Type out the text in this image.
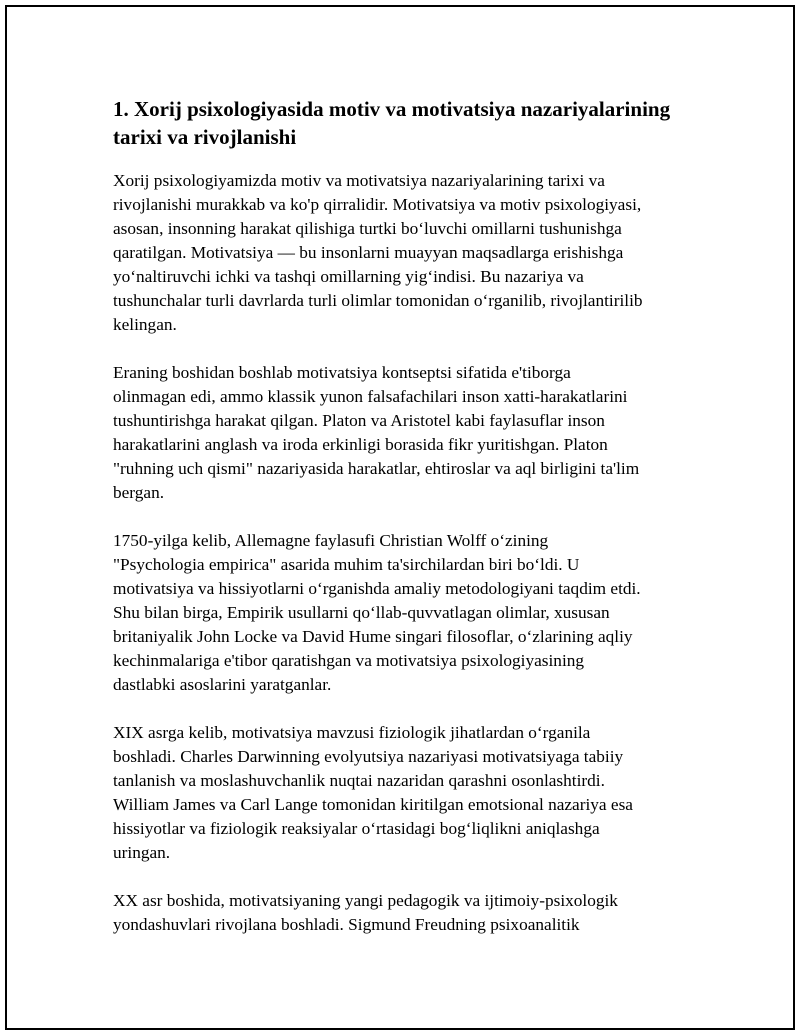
1. Xorij psixologiyasida motiv va motivatsiya nazariyalarining
tarixi va rivojlanishi

Xorij psixologiyamizda motiv va motivatsiya nazariyalarining tarixi va
rivojlanishi murakkab va ko'p qirralidir. Motivatsiya va motiv psixologiyasi,
asosan, insonning harakat qilishiga turtki bo‘luvchi omillarni tushunishga
qaratilgan. Motivatsiya — bu insonlarni muayyan maqsadlarga erishishga
yo‘naltiruvchi ichki va tashqi omillarning yig‘indisi. Bu nazariya va
tushunchalar turli davrlarda turli olimlar tomonidan o‘rganilib, rivojlantirilib
kelingan.

Eraning boshidan boshlab motivatsiya kontseptsi sifatida e'tiborga
olinmagan edi, ammo klassik yunon falsafachilari inson xatti-harakatlarini
tushuntirishga harakat qilgan. Platon va Aristotel kabi faylasuflar inson
harakatlarini anglash va iroda erkinligi borasida fikr yuritishgan. Platon
"ruhning uch qismi" nazariyasida harakatlar, ehtiroslar va aql birligini ta'lim
bergan.

1750-yilga kelib, Allemagne faylasufi Christian Wolff o‘zining
"Psychologia empirica" asarida muhim ta'sirchilardan biri bo‘ldi. U
motivatsiya va hissiyotlarni o‘rganishda amaliy metodologiyani taqdim etdi.
Shu bilan birga, Empirik usullarni qo‘llab-quvvatlagan olimlar, xususan
britaniyalik John Locke va David Hume singari filosoflar, o‘zlarining aqliy
kechinmalariga e'tibor qaratishgan va motivatsiya psixologiyasining
dastlabki asoslarini yaratganlar.

XIX asrga kelib, motivatsiya mavzusi fiziologik jihatlardan o‘rganila
boshladi. Charles Darwinning evolyutsiya nazariyasi motivatsiyaga tabiiy
tanlanish va moslashuvchanlik nuqtai nazaridan qarashni osonlashtirdi.
William James va Carl Lange tomonidan kiritilgan emotsional nazariya esa
hissiyotlar va fiziologik reaksiyalar o‘rtasidagi bog‘liqlikni aniqlashga
uringan.

XX asr boshida, motivatsiyaning yangi pedagogik va ijtimoiy-psixologik
yondashuvlari rivojlana boshladi. Sigmund Freudning psixoanalitik
